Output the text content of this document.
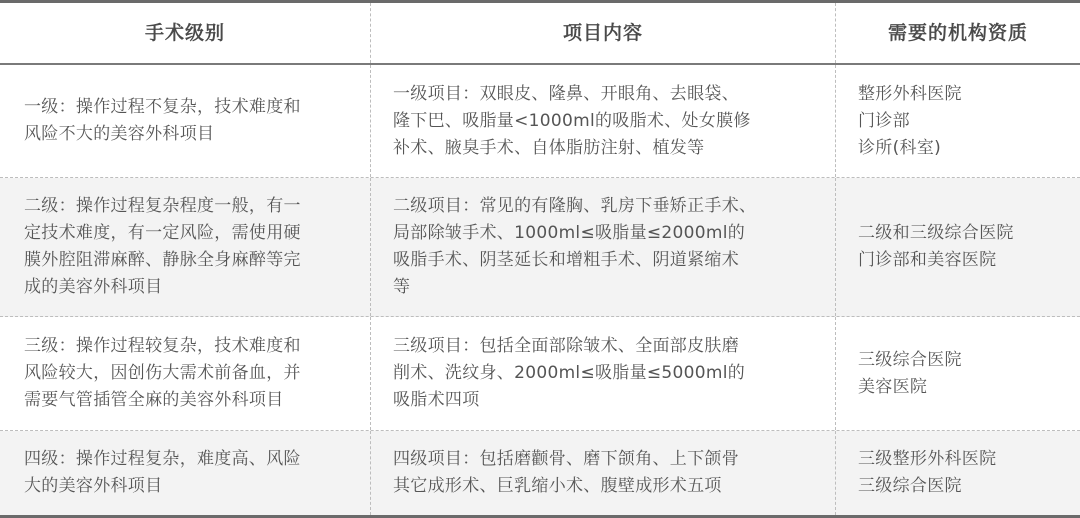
手术级别	项目内容	需要的机构资质
一级：操作过程不复杂，技术难度和
风险不大的美容外科项目
一级项目：双眼皮、隆鼻、开眼角、去眼袋、
隆下巴、吸脂量<1000ml的吸脂术、处女膜修
补术、腋臭手术、自体脂肪注射、植发等
整形外科医院
门诊部
诊所(科室)
二级：操作过程复杂程度一般，有一
定技术难度，有一定风险，需使用硬
膜外腔阻滞麻醉、静脉全身麻醉等完
成的美容外科项目
二级项目：常见的有隆胸、乳房下垂矫正手术、
局部除皱手术、1000ml≤吸脂量≤2000ml的
吸脂手术、阴茎延长和增粗手术、阴道紧缩术
等
二级和三级综合医院
门诊部和美容医院
三级：操作过程较复杂，技术难度和
风险较大，因创伤大需术前备血，并
需要气管插管全麻的美容外科项目
三级项目：包括全面部除皱术、全面部皮肤磨
削术、洗纹身、2000ml≤吸脂量≤5000ml的
吸脂术四项
三级综合医院
美容医院
四级：操作过程复杂，难度高、风险
大的美容外科项目
四级项目：包括磨颧骨、磨下颌角、上下颌骨
其它成形术、巨乳缩小术、腹壁成形术五项
三级整形外科医院
三级综合医院
